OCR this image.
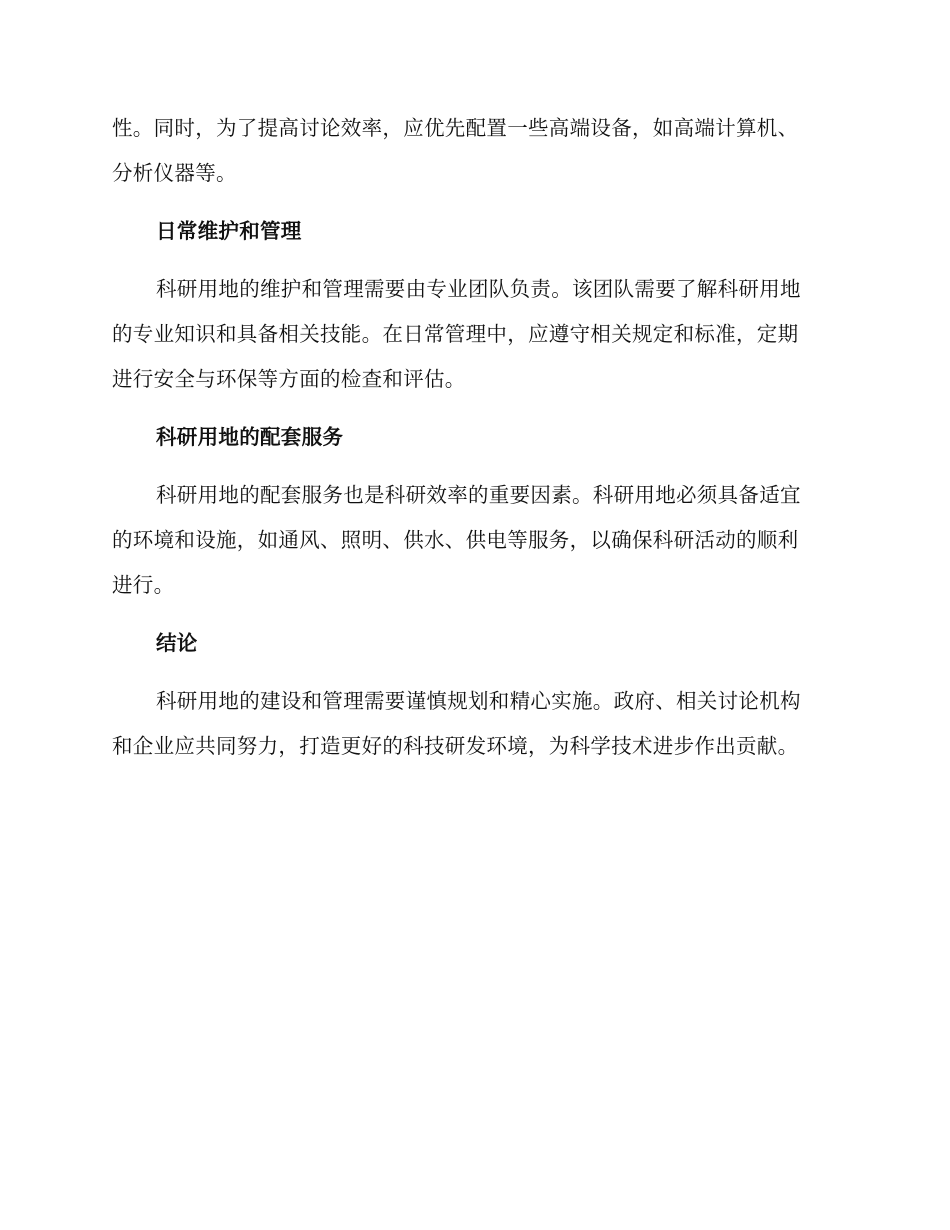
性。同时，为了提高讨论效率，应优先配置一些高端设备，如高端计算机、
分析仪器等。

日常维护和管理

科研用地的维护和管理需要由专业团队负责。该团队需要了解科研用地
的专业知识和具备相关技能。在日常管理中，应遵守相关规定和标准，定期
进行安全与环保等方面的检查和评估。

科研用地的配套服务

科研用地的配套服务也是科研效率的重要因素。科研用地必须具备适宜
的环境和设施，如通风、照明、供水、供电等服务，以确保科研活动的顺利
进行。

结论

科研用地的建设和管理需要谨慎规划和精心实施。政府、相关讨论机构
和企业应共同努力，打造更好的科技研发环境，为科学技术进步作出贡献。
